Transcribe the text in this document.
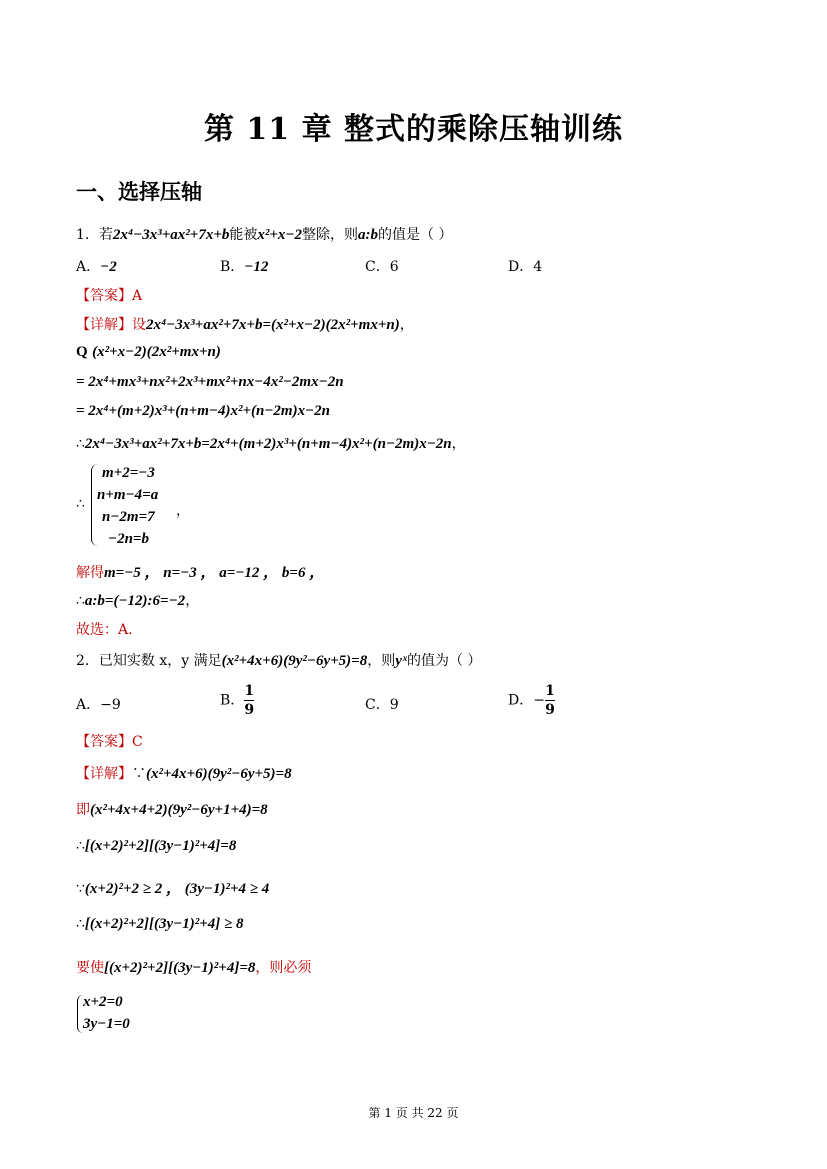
第 11 章 整式的乘除压轴训练
一、选择压轴
1．若2x⁴−3x³+ax²+7x+b能被x²+x−2整除，则a:b的值是（ ）
A．−2	B．−12	C．6	D．4
【答案】A
【详解】设2x⁴−3x³+ax²+7x+b=(x²+x−2)(2x²+mx+n)，
Q (x²+x−2)(2x²+mx+n)
= 2x⁴+mx³+nx²+2x³+mx²+nx−4x²−2mx−2n
= 2x⁴+(m+2)x³+(n+m−4)x²+(n−2m)x−2n
∴2x⁴−3x³+ax²+7x+b=2x⁴+(m+2)x³+(n+m−4)x²+(n−2m)x−2n，
∴
m+2=−3
n+m−4=a
n−2m=7
−2n=b
，
解得m=−5 ， n=−3 ， a=−12 ， b=6 ，
∴a:b=(−12):6=−2，
故选：A．
2．已知实数 x，y 满足(x²+4x+6)(9y²−6y+5)=8，则yˣ的值为（ ）
A．−9	B． $\frac{1}{9}$	C．9	D．− $\frac{1}{9}$
【答案】C
【详解】∵(x²+4x+6)(9y²−6y+5)=8
即(x²+4x+4+2)(9y²−6y+1+4)=8
∴[(x+2)²+2][(3y−1)²+4]=8
∵(x+2)²+2 ≥ 2 ， (3y−1)²+4 ≥ 4
∴[(x+2)²+2][(3y−1)²+4] ≥ 8
要使[(x+2)²+2][(3y−1)²+4]=8，则必须
x+2=0
3y−1=0
第 1 页 共 22 页
